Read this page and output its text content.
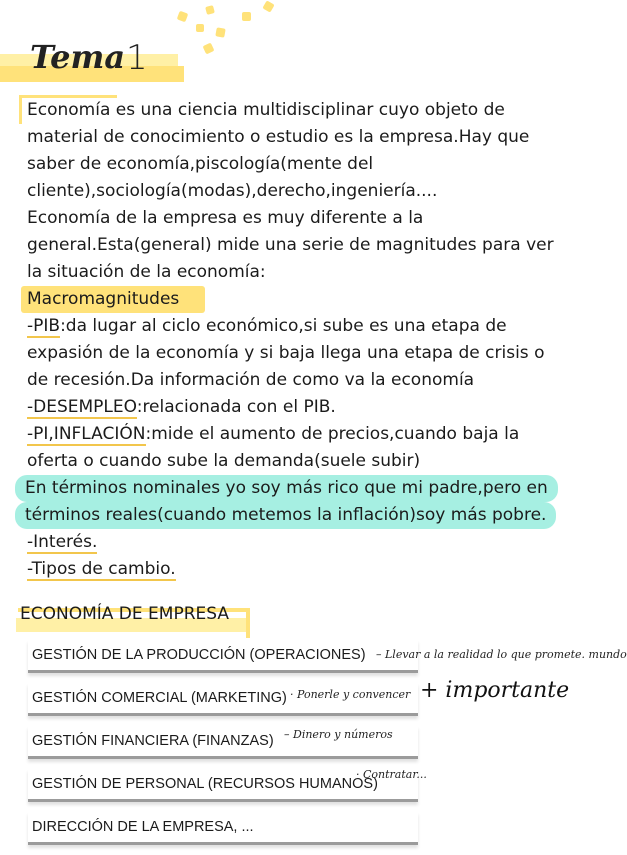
Tema 1

Economía es una ciencia multidisciplinar cuyo objeto de

material de conocimiento o estudio es la empresa.Hay que

saber de economía,piscología(mente del

cliente),sociología(modas),derecho,ingeniería....

Economía de la empresa es muy diferente a la

general.Esta(general) mide una serie de magnitudes para ver

la situación de la economía:

Macromagnitudes

-PIB:da lugar al ciclo económico,si sube es una etapa de

expasión de la economía y si baja llega una etapa de crisis o

de recesión.Da información de como va la economía

-DESEMPLEO:relacionada con el PIB.

-PI,INFLACIÓN:mide el aumento de precios,cuando baja la

oferta o cuando sube la demanda(suele subir)

En términos nominales yo soy más rico que mi padre,pero en

términos reales(cuando metemos la inflación)soy más pobre.

-Interés.

-Tipos de cambio.

ECONOMÍA DE EMPRESA
GESTIÓN DE LA PRODUCCIÓN (OPERACIONES)
GESTIÓN COMERCIAL (MARKETING)
GESTIÓN FINANCIERA (FINANZAS)
GESTIÓN DE PERSONAL (RECURSOS HUMANOS)
DIRECCIÓN DE LA EMPRESA, ...
– Llevar a la realidad lo que promete. mundo
· Ponerle y convencer
– Dinero y números
· Contratar...
+ importante
